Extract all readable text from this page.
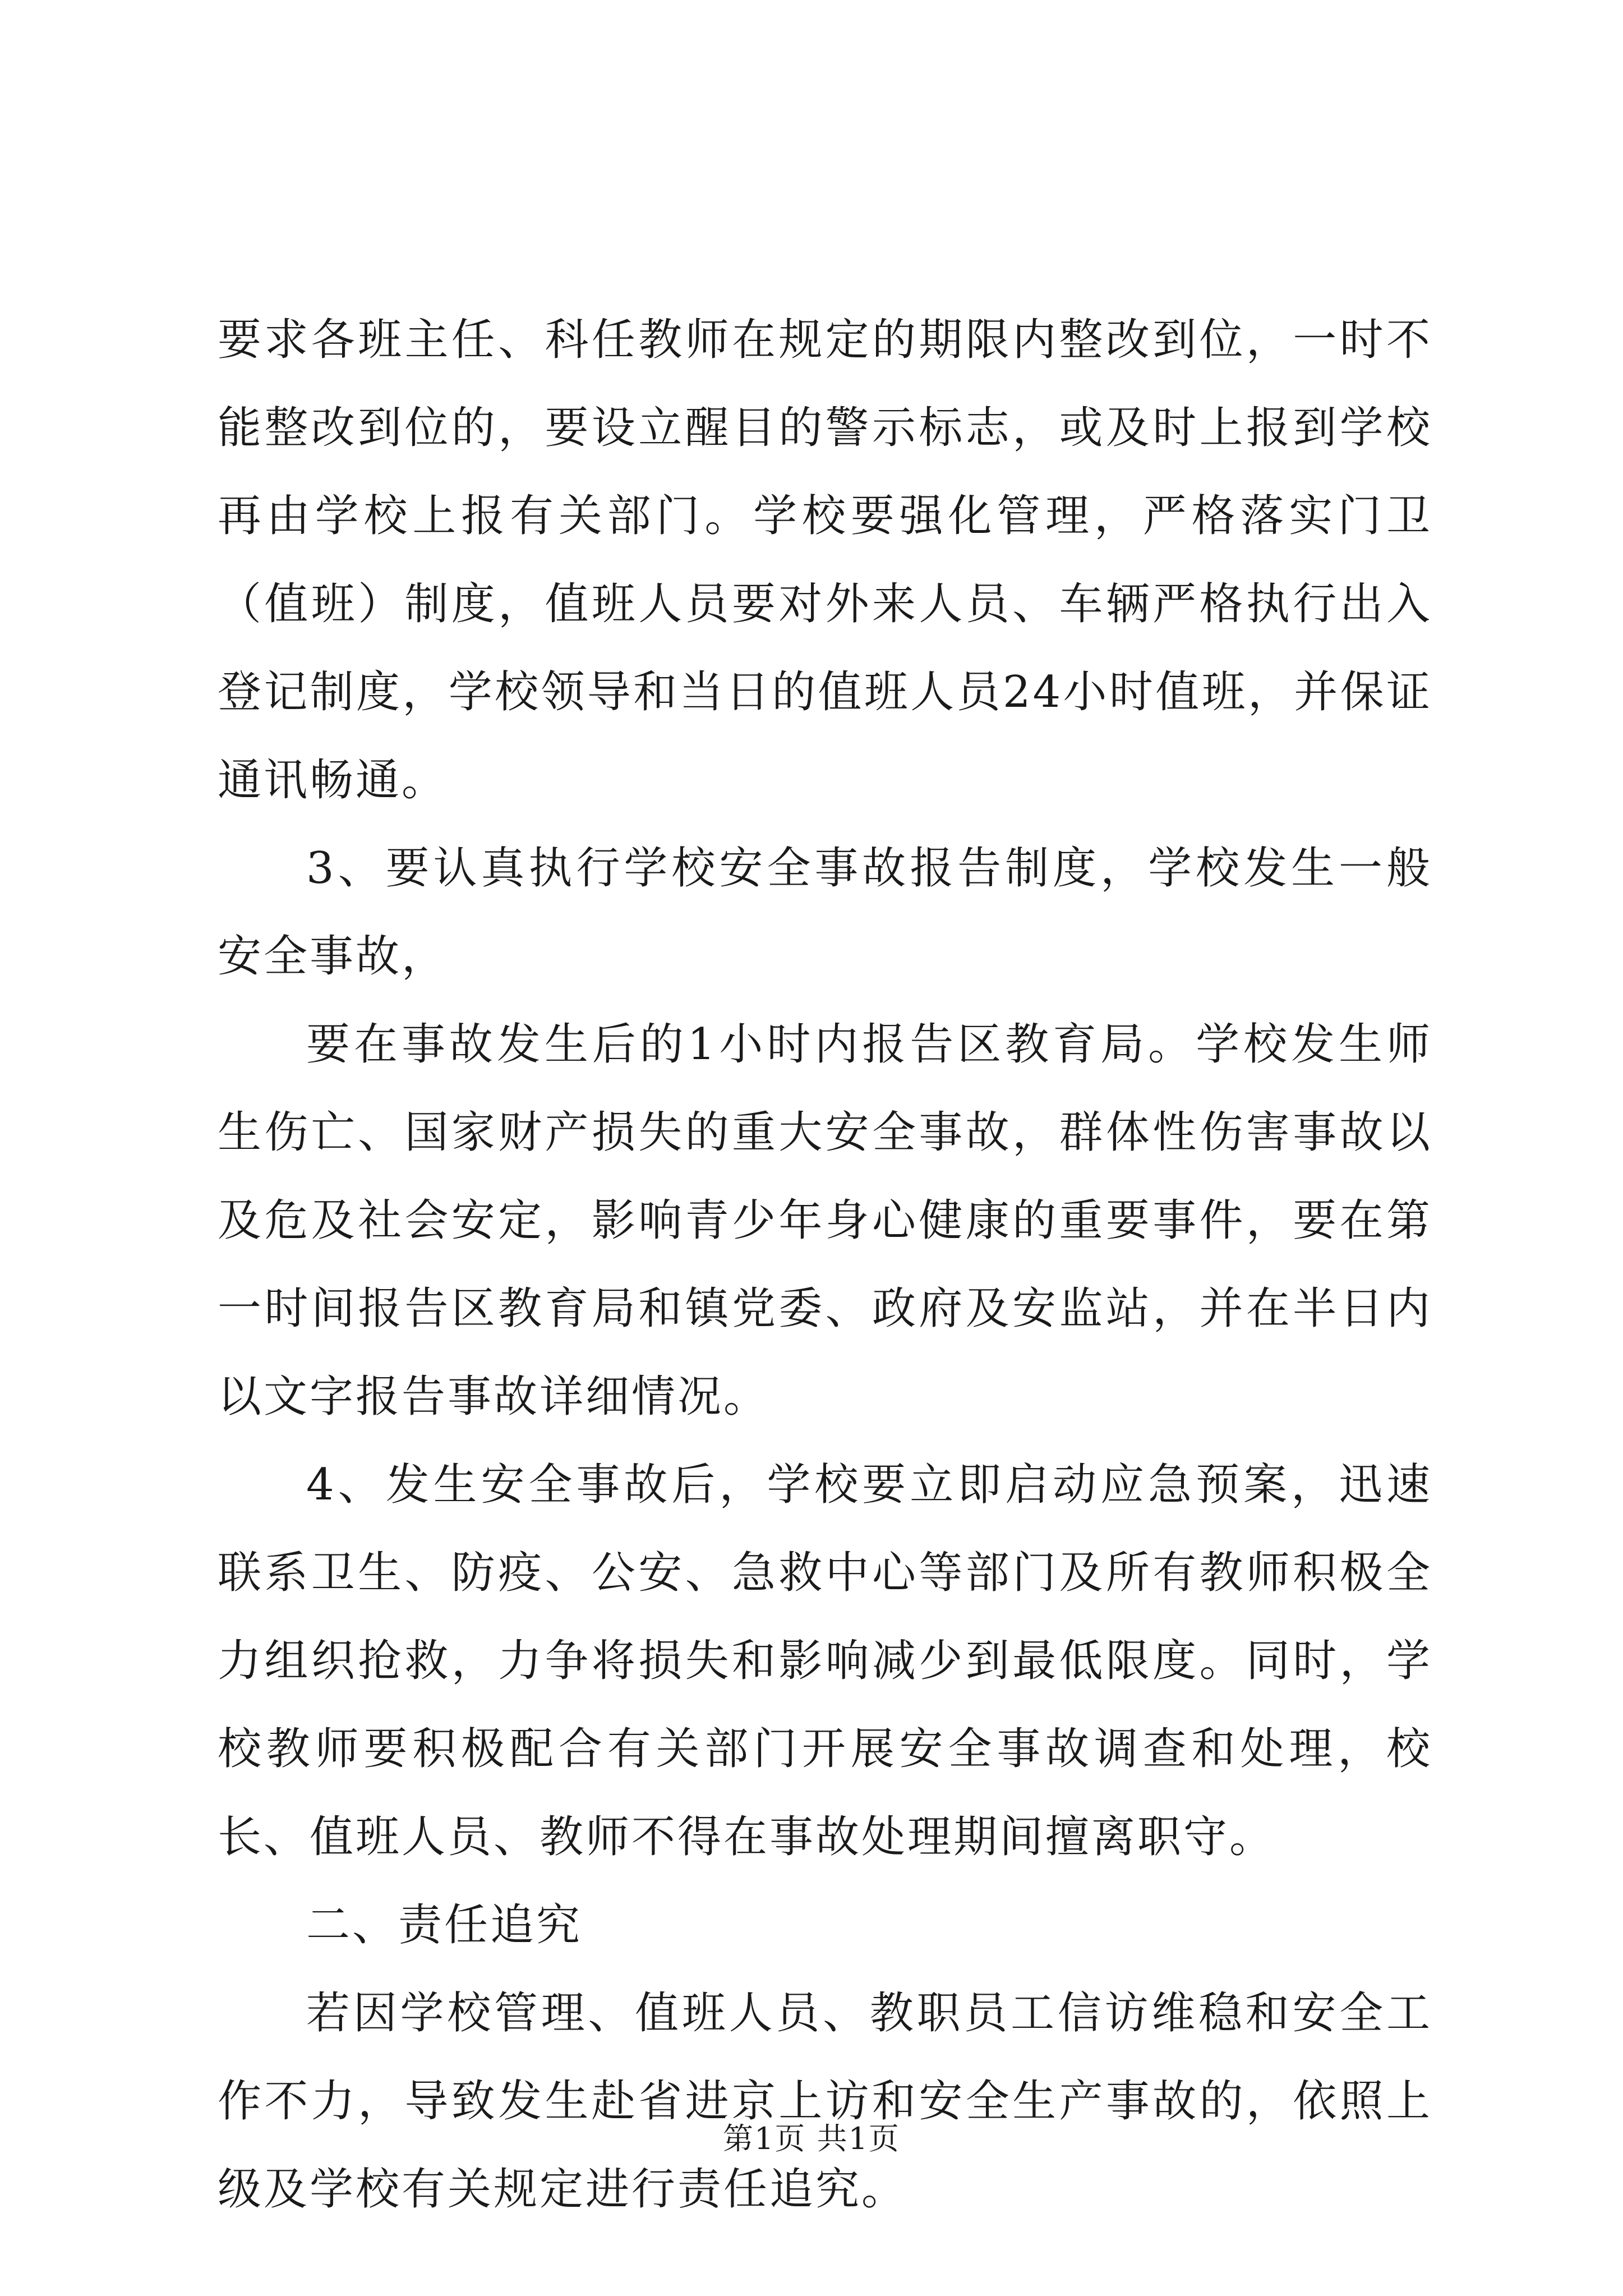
要求各班主任、科任教师在规定的期限内整改到位，一时不能整改到位的，要设立醒目的警示标志，或及时上报到学校再由学校上报有关部门。学校要强化管理，严格落实门卫（值班）制度，值班人员要对外来人员、车辆严格执行出入登记制度，学校领导和当日的值班人员24小时值班，并保证通讯畅通。

3、要认真执行学校安全事故报告制度，学校发生一般安全事故，

要在事故发生后的1小时内报告区教育局。学校发生师生伤亡、国家财产损失的重大安全事故，群体性伤害事故以及危及社会安定，影响青少年身心健康的重要事件，要在第一时间报告区教育局和镇党委、政府及安监站，并在半日内以文字报告事故详细情况。

4、发生安全事故后，学校要立即启动应急预案，迅速联系卫生、防疫、公安、急救中心等部门及所有教师积极全力组织抢救，力争将损失和影响减少到最低限度。同时，学校教师要积极配合有关部门开展安全事故调查和处理，校长、值班人员、教师不得在事故处理期间擅离职守。

二、责任追究

若因学校管理、值班人员、教职员工信访维稳和安全工作不力，导致发生赴省进京上访和安全生产事故的，依照上级及学校有关规定进行责任追究。

第1页 共1页
